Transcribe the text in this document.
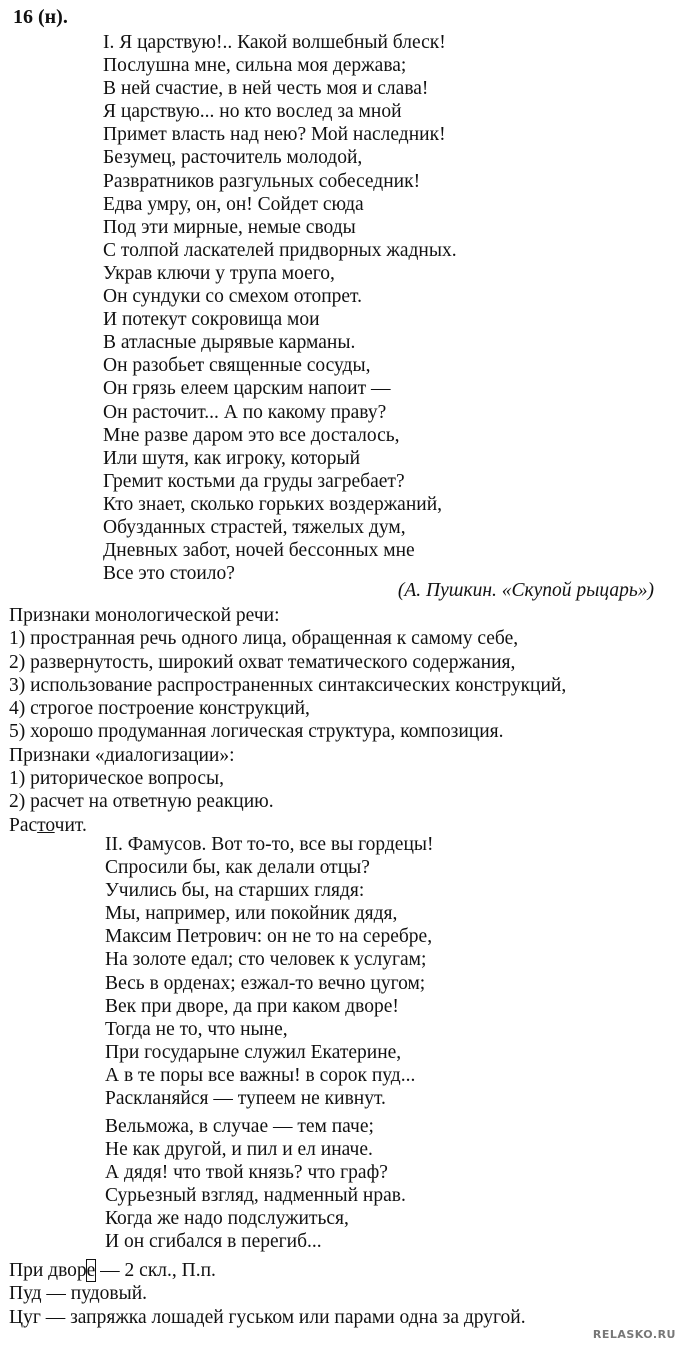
16 (н).
I. Я царствую!.. Какой волшебный блеск!
Послушна мне, сильна моя держава;
В ней счастие, в ней честь моя и слава!
Я царствую... но кто вослед за мной
Примет власть над нею? Мой наследник!
Безумец, расточитель молодой,
Развратников разгульных собеседник!
Едва умру, он, он! Сойдет сюда
Под эти мирные, немые своды
С толпой ласкателей придворных жадных.
Украв ключи у трупа моего,
Он сундуки со смехом отопрет.
И потекут сокровища мои
В атласные дырявые карманы.
Он разобьет священные сосуды,
Он грязь елеем царским напоит —
Он расточит... А по какому праву?
Мне разве даром это все досталось,
Или шутя, как игроку, который
Гремит костьми да груды загребает?
Кто знает, сколько горьких воздержаний,
Обузданных страстей, тяжелых дум,
Дневных забот, ночей бессонных мне
Все это стоило?
(А. Пушкин. «Скупой рыцарь»)
Признаки монологической речи:
1) пространная речь одного лица, обращенная к самому себе,
2) развернутость, широкий охват тематического содержания,
3) использование распространенных синтаксических конструкций,
4) строгое построение конструкций,
5) хорошо продуманная логическая структура, композиция.
Признаки «диалогизации»:
1) риторическое вопросы,
2) расчет на ответную реакцию.
Расточит.
II. Фамусов. Вот то-то, все вы гордецы!
Спросили бы, как делали отцы?
Учились бы, на старших глядя:
Мы, например, или покойник дядя,
Максим Петрович: он не то на серебре,
На золоте едал; сто человек к услугам;
Весь в орденах; езжал-то вечно цугом;
Век при дворе, да при каком дворе!
Тогда не то, что ныне,
При государыне служил Екатерине,
А в те поры все важны! в сорок пуд...
Раскланяйся — тупеем не кивнут.
Вельможа, в случае — тем паче;
Не как другой, и пил и ел иначе.
А дядя! что твой князь? что граф?
Сурьезный взгляд, надменный нрав.
Когда же надо подслужиться,
И он сгибался в перегиб...
При дворе — 2 скл., П.п.
Пуд — пудовый.
Цуг — запряжка лошадей гуськом или парами одна за другой.
RELASKO.RU
